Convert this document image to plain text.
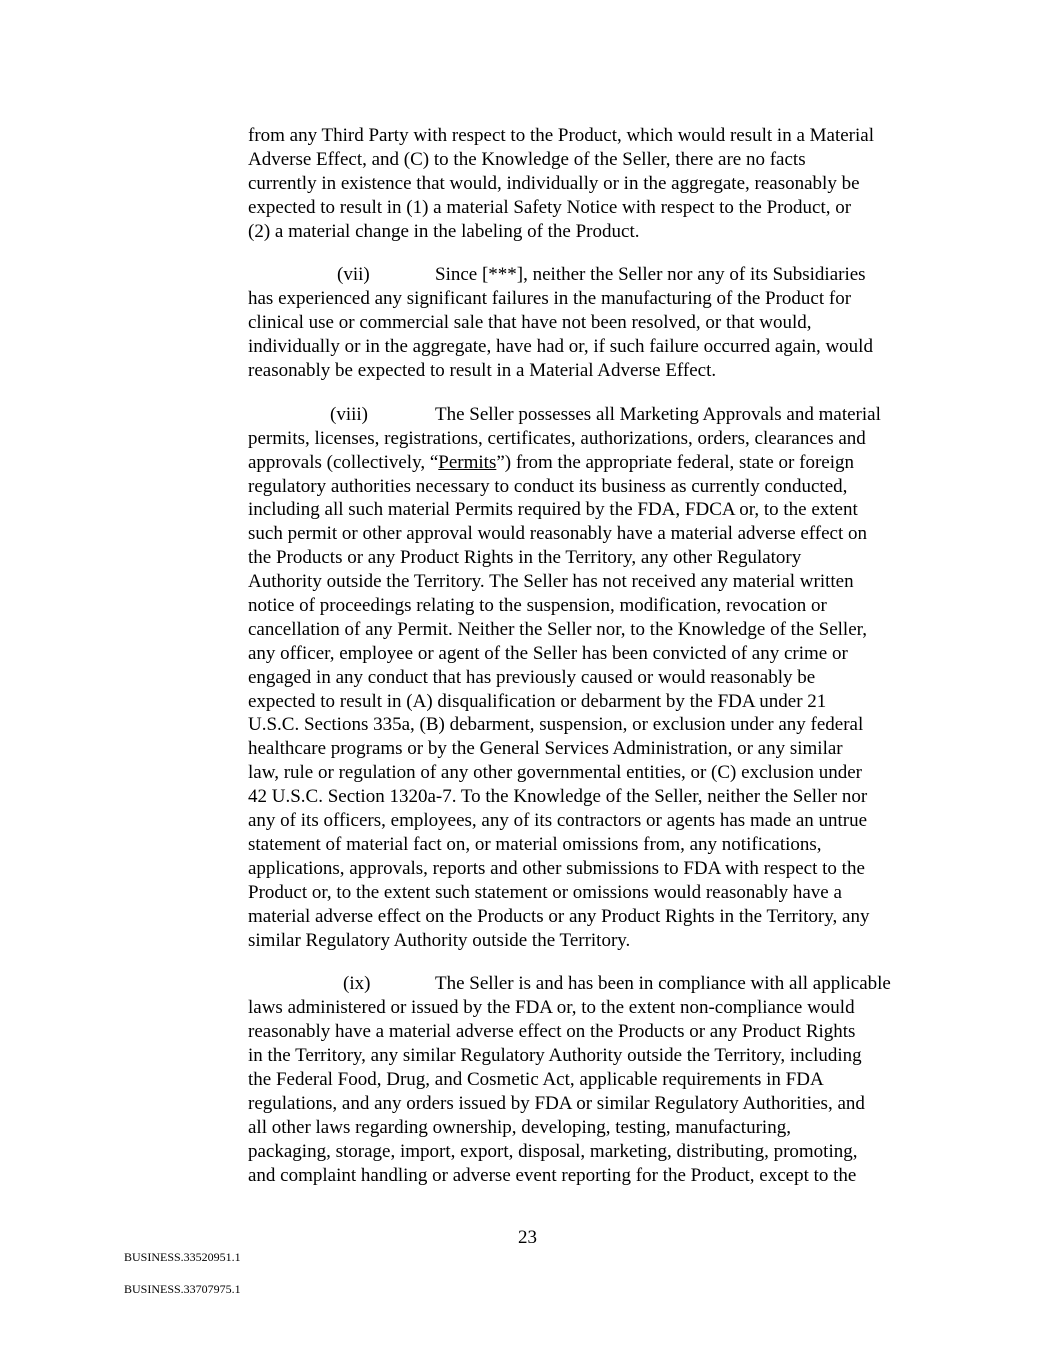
from any Third Party with respect to the Product, which would result in a Material
Adverse Effect, and (C) to the Knowledge of the Seller, there are no facts
currently in existence that would, individually or in the aggregate, reasonably be
expected to result in (1) a material Safety Notice with respect to the Product, or
(2) a material change in the labeling of the Product.
(vii)	Since [***], neither the Seller nor any of its Subsidiaries
has experienced any significant failures in the manufacturing of the Product for
clinical use or commercial sale that have not been resolved, or that would,
individually or in the aggregate, have had or, if such failure occurred again, would
reasonably be expected to result in a Material Adverse Effect.
(viii)	The Seller possesses all Marketing Approvals and material
permits, licenses, registrations, certificates, authorizations, orders, clearances and
approvals (collectively, “Permits”) from the appropriate federal, state or foreign
regulatory authorities necessary to conduct its business as currently conducted,
including all such material Permits required by the FDA, FDCA or, to the extent
such permit or other approval would reasonably have a material adverse effect on
the Products or any Product Rights in the Territory, any other Regulatory
Authority outside the Territory. The Seller has not received any material written
notice of proceedings relating to the suspension, modification, revocation or
cancellation of any Permit. Neither the Seller nor, to the Knowledge of the Seller,
any officer, employee or agent of the Seller has been convicted of any crime or
engaged in any conduct that has previously caused or would reasonably be
expected to result in (A) disqualification or debarment by the FDA under 21
U.S.C. Sections 335a, (B) debarment, suspension, or exclusion under any federal
healthcare programs or by the General Services Administration, or any similar
law, rule or regulation of any other governmental entities, or (C) exclusion under
42 U.S.C. Section 1320a-7. To the Knowledge of the Seller, neither the Seller nor
any of its officers, employees, any of its contractors or agents has made an untrue
statement of material fact on, or material omissions from, any notifications,
applications, approvals, reports and other submissions to FDA with respect to the
Product or, to the extent such statement or omissions would reasonably have a
material adverse effect on the Products or any Product Rights in the Territory, any
similar Regulatory Authority outside the Territory.
(ix)	The Seller is and has been in compliance with all applicable
laws administered or issued by the FDA or, to the extent non-compliance would
reasonably have a material adverse effect on the Products or any Product Rights
in the Territory, any similar Regulatory Authority outside the Territory, including
the Federal Food, Drug, and Cosmetic Act, applicable requirements in FDA
regulations, and any orders issued by FDA or similar Regulatory Authorities, and
all other laws regarding ownership, developing, testing, manufacturing,
packaging, storage, import, export, disposal, marketing, distributing, promoting,
and complaint handling or adverse event reporting for the Product, except to the
23
BUSINESS.33520951.1
BUSINESS.33707975.1
